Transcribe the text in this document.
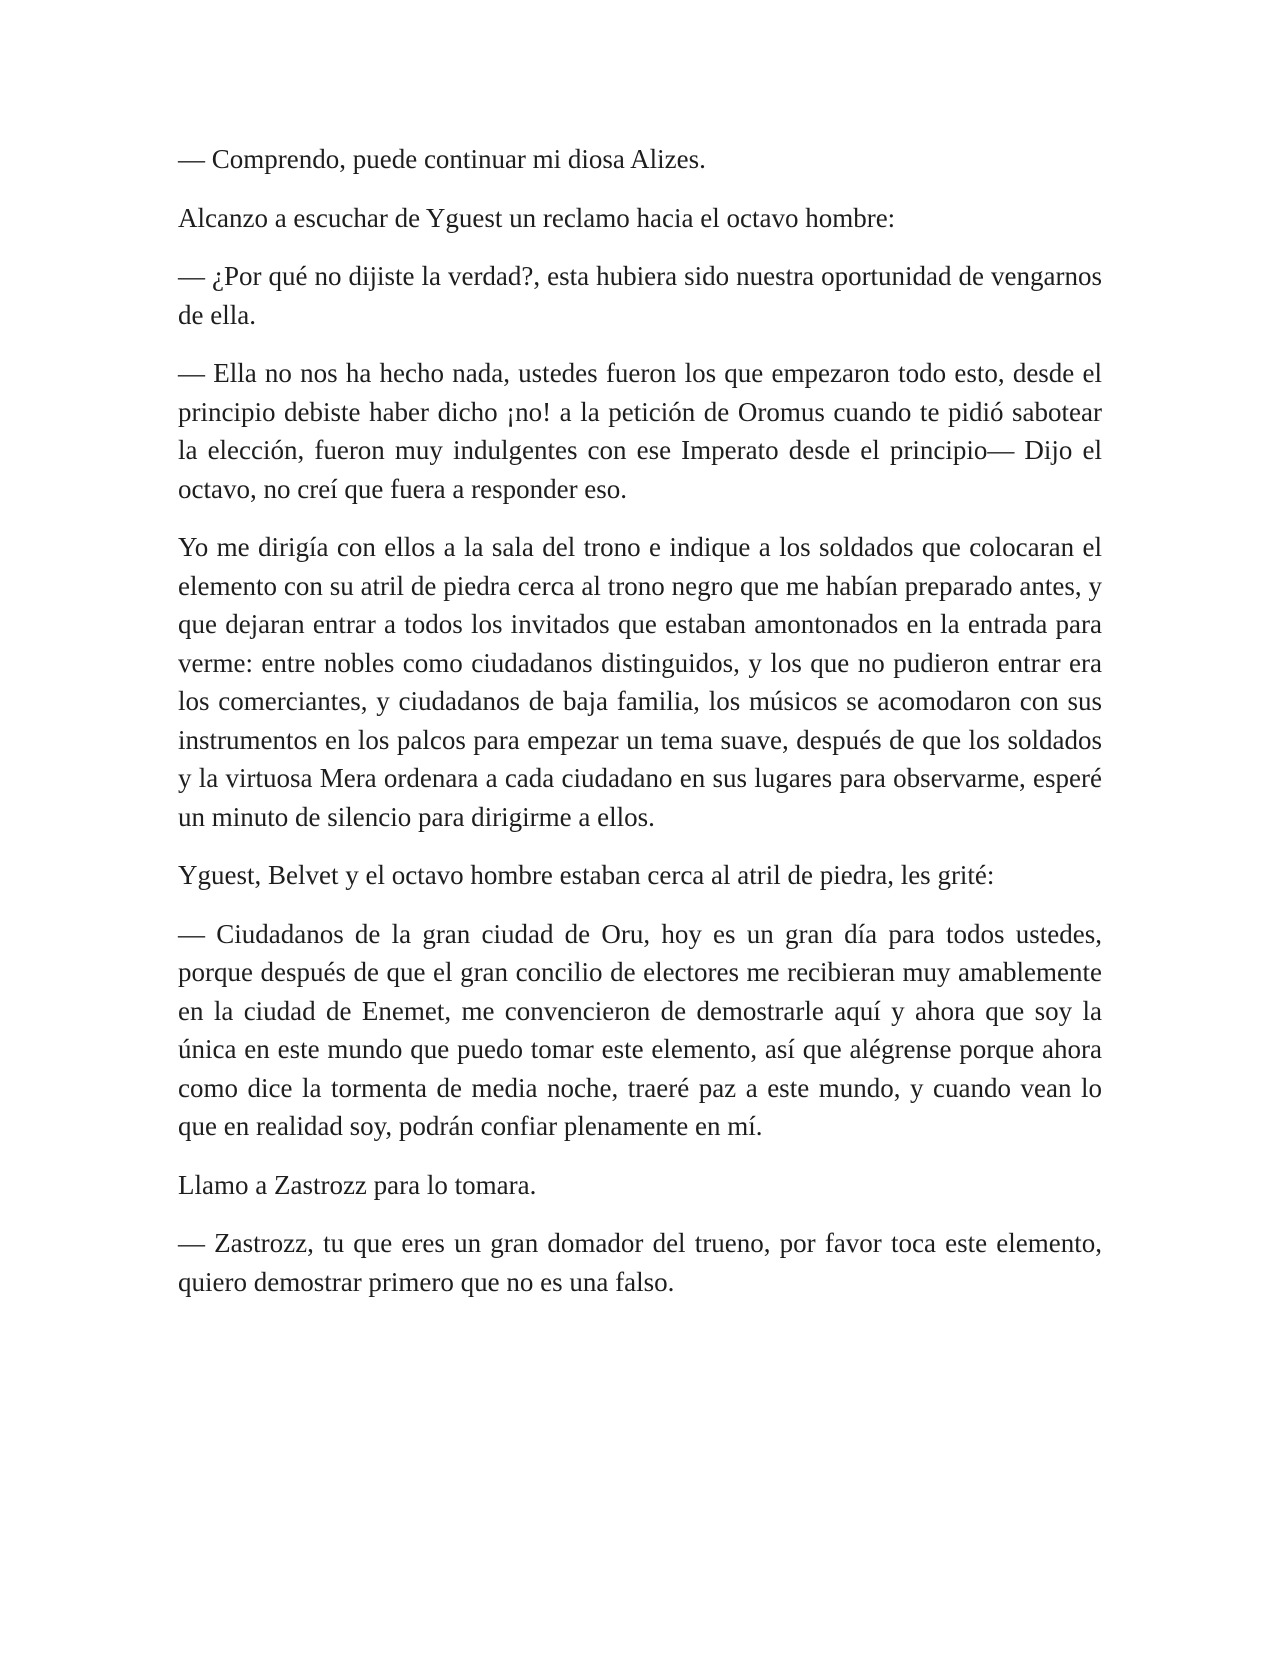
— Comprendo, puede continuar mi diosa Alizes.

Alcanzo a escuchar de Yguest un reclamo hacia el octavo hombre:

— ¿Por qué no dijiste la verdad?, esta hubiera sido nuestra oportunidad de vengarnos de ella.

— Ella no nos ha hecho nada, ustedes fueron los que empezaron todo esto, desde el principio debiste haber dicho ¡no! a la petición de Oromus cuando te pidió sabotear la elección, fueron muy indulgentes con ese Imperato desde el principio— Dijo el octavo, no creí que fuera a responder eso.

Yo me dirigía con ellos a la sala del trono e indique a los soldados que colocaran el elemento con su atril de piedra cerca al trono negro que me habían preparado antes, y que dejaran entrar a todos los invitados que estaban amontonados en la entrada para verme: entre nobles como ciudadanos distinguidos, y los que no pudieron entrar era los comerciantes, y ciudadanos de baja familia, los músicos se acomodaron con sus instrumentos en los palcos para empezar un tema suave, después de que los soldados y la virtuosa Mera ordenara a cada ciudadano en sus lugares para observarme, esperé un minuto de silencio para dirigirme a ellos.

Yguest, Belvet y el octavo hombre estaban cerca al atril de piedra, les grité:

— Ciudadanos de la gran ciudad de Oru, hoy es un gran día para todos ustedes, porque después de que el gran concilio de electores me recibieran muy amablemente en la ciudad de Enemet, me convencieron de demostrarle aquí y ahora que soy la única en este mundo que puedo tomar este elemento, así que alégrense porque ahora como dice la tormenta de media noche, traeré paz a este mundo, y cuando vean lo que en realidad soy, podrán confiar plenamente en mí.

Llamo a Zastrozz para lo tomara.

— Zastrozz, tu que eres un gran domador del trueno, por favor toca este elemento, quiero demostrar primero que no es una falso.
